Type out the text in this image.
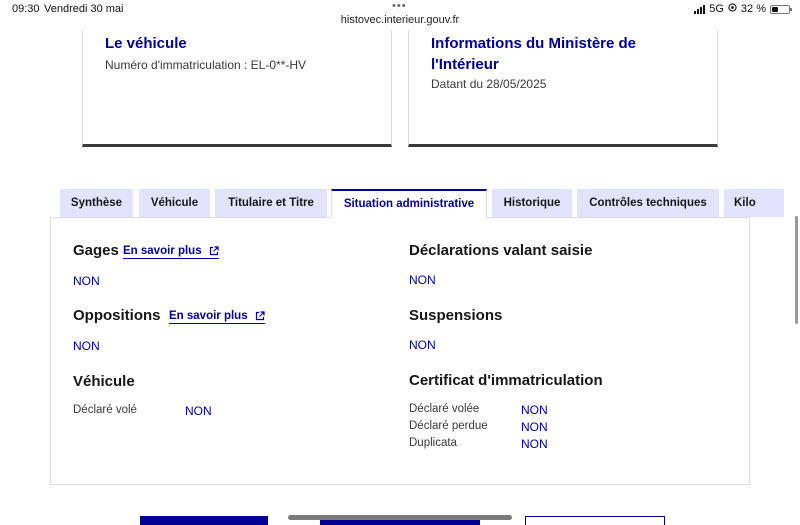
09:30 Vendredi 30 mai	•••
histovec.interieur.gouv.fr
5G 32 %
Le véhicule
Numéro d'immatriculation : EL-0**-HV
Informations du Ministère de l'Intérieur
Datant du 28/05/2025
Synthèse	Véhicule	Titulaire et Titre	Situation administrative	Historique	Contrôles techniques	Kilo
Gages En savoir plus
NON
Oppositions En savoir plus
NON
Véhicule
Déclaré volé	NON
Déclarations valant saisie
NON
Suspensions
NON
Certificat d'immatriculation
Déclaré volée	NON
Déclaré perdue	NON
Duplicata	NON
